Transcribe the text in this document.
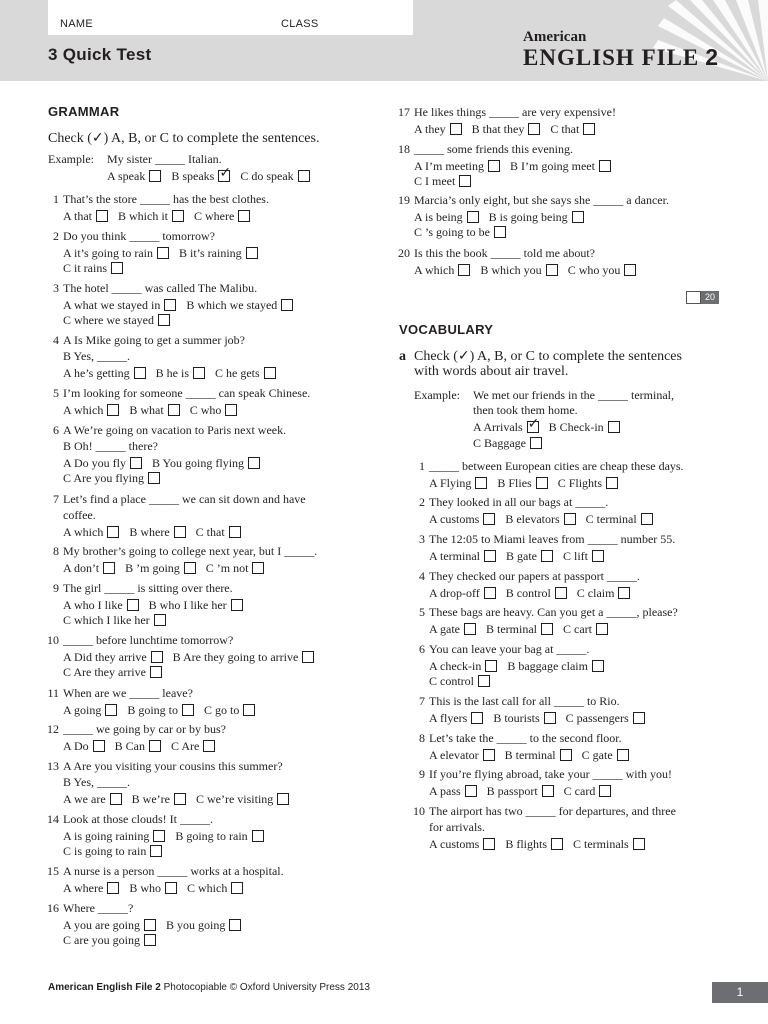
NAME	CLASS
3 Quick Test
American
ENGLISH FILE 2
GRAMMAR
Check (✓) A, B, or C to complete the sentences.
Example: My sister _____ Italian.
A speak B speaks ✓ C do speak
1 That’s the store _____ has the best clothes.
A that B which it C where
2 Do you think _____ tomorrow?
A it’s going to rain B it’s raining
C it rains
3 The hotel _____ was called The Malibu.
A what we stayed in B which we stayed
C where we stayed
4 A Is Mike going to get a summer job?
B Yes, _____.
A he’s getting B he is C he gets
5 I’m looking for someone _____ can speak Chinese.
A which B what C who
6 A We’re going on vacation to Paris next week.
B Oh! _____ there?
A Do you fly B You going flying
C Are you flying
7 Let’s find a place _____ we can sit down and have
coffee.
A which B where C that
8 My brother’s going to college next year, but I _____.
A don’t B ’m going C ’m not
9 The girl _____ is sitting over there.
A who I like B who I like her
C which I like her
10 _____ before lunchtime tomorrow?
A Did they arrive B Are they going to arrive
C Are they arrive
11 When are we _____ leave?
A going B going to C go to
12 _____ we going by car or by bus?
A Do B Can C Are
13 A Are you visiting your cousins this summer?
B Yes, _____.
A we are B we’re C we’re visiting
14 Look at those clouds! It _____.
A is going raining B going to rain
C is going to rain
15 A nurse is a person _____ works at a hospital.
A where B who C which
16 Where _____?
A you are going B you going
C are you going
17 He likes things _____ are very expensive!
A they B that they C that
18 _____ some friends this evening.
A I’m meeting B I’m going meet
C I meet
19 Marcia’s only eight, but she says she _____ a dancer.
A is being B is going being
C ’s going to be
20 Is this the book _____ told me about?
A which B which you C who you
20
VOCABULARY
a Check (✓) A, B, or C to complete the sentences
with words about air travel.
Example: We met our friends in the _____ terminal,
then took them home.
A Arrivals ✓ B Check-in
C Baggage
1 _____ between European cities are cheap these days.
A Flying B Flies C Flights
2 They looked in all our bags at _____.
A customs B elevators C terminal
3 The 12:05 to Miami leaves from _____ number 55.
A terminal B gate C lift
4 They checked our papers at passport _____.
A drop-off B control C claim
5 These bags are heavy. Can you get a _____, please?
A gate B terminal C cart
6 You can leave your bag at _____.
A check-in B baggage claim
C control
7 This is the last call for all _____ to Rio.
A flyers B tourists C passengers
8 Let’s take the _____ to the second floor.
A elevator B terminal C gate
9 If you’re flying abroad, take your _____ with you!
A pass B passport C card
10 The airport has two _____ for departures, and three
for arrivals.
A customs B flights C terminals
American English File 2 Photocopiable © Oxford University Press 2013	1
